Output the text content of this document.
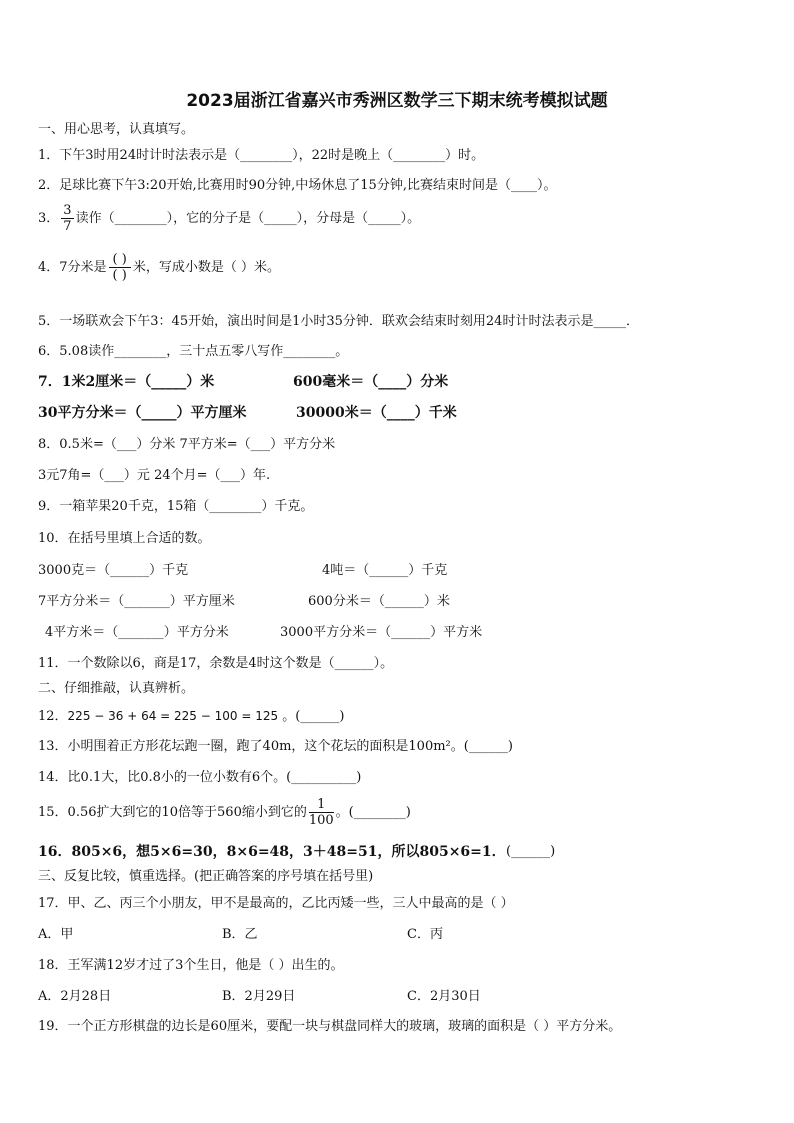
2023届浙江省嘉兴市秀洲区数学三下期末统考模拟试题
一、用心思考，认真填写。
1．下午3时用24时计时法表示是（________），22时是晚上（________）时。
2．足球比赛下午3:20开始,比赛用时90分钟,中场休息了15分钟,比赛结束时间是（____）。
3． $\frac{3}{7}$ 读作（________），它的分子是（_____），分母是（_____）。
4．7分米是 $\frac{( )}{( )}$ 米，写成小数是（ ）米。
5．一场联欢会下午3：45开始，演出时间是1小时35分钟．联欢会结束时刻用24时计时法表示是_____．
6．5.08读作________，三十点五零八写作________。
7．1米2厘米＝（_____）米	600毫米＝（____）分米
30平方分米＝（_____）平方厘米	30000米＝（____）千米
8．0.5米=（___）分米 7平方米=（___）平方分米
3元7角=（___）元 24个月=（___）年.
9．一箱苹果20千克，15箱（________）千克。
10．在括号里填上合适的数。
3000克＝（______）千克	4吨＝（______）千克
7平方分米＝（_______）平方厘米	600分米＝（______）米
4平方米＝（_______）平方分米	3000平方分米＝（______）平方米
11．一个数除以6，商是17，余数是4时这个数是（______）。
二、仔细推敲，认真辨析。
12．225 − 36 + 64 = 225 − 100 = 125 。(______)
13．小明围着正方形花坛跑一圈，跑了40m，这个花坛的面积是100m²。(______)
14．比0.1大，比0.8小的一位小数有6个。(__________)
15．0.56扩大到它的10倍等于560缩小到它的 $\frac{1}{100}$ 。(________)
16．805×6，想5×6=30，8×6=48，3＋48=51，所以805×6=1． (______)
三、反复比较，慎重选择。(把正确答案的序号填在括号里)
17．甲、乙、丙三个小朋友，甲不是最高的，乙比丙矮一些，三人中最高的是（ ）
A．甲	B．乙	C．丙
18．王军满12岁才过了3个生日，他是（ ）出生的。
A．2月28日	B．2月29日	C．2月30日
19．一个正方形棋盘的边长是60厘米，要配一块与棋盘同样大的玻璃，玻璃的面积是（ ）平方分米。
